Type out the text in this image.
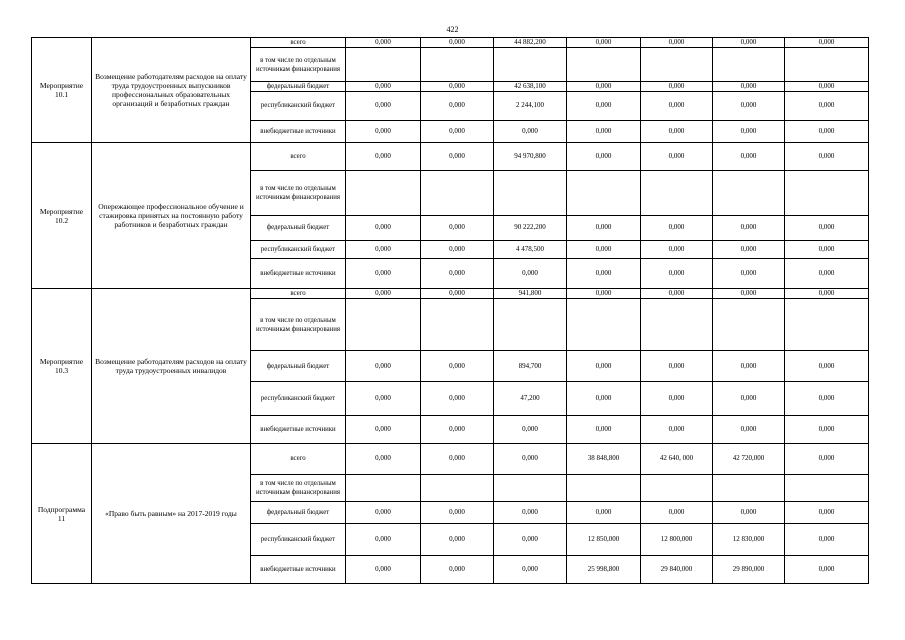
422
Мероприятие 10.1	Возмещение работодателям расходов на оплату труда трудоустроенных выпускников профессиональных образовательных организаций и безработных граждан	всего	0,000	0,000	44 882,200	0,000	0,000	0,000	0,000
		в том числе по отдельным источникам финансирования							
		федеральный бюджет	0,000	0,000	42 638,100	0,000	0,000	0,000	0,000
		республиканский бюджет	0,000	0,000	2 244,100	0,000	0,000	0,000	0,000
		внебюджетные источники	0,000	0,000	0,000	0,000	0,000	0,000	0,000
Мероприятие 10.2	Опережающее профессиональное обучение и стажировка принятых на постоянную работу работников и безработных граждан	всего	0,000	0,000	94 970,800	0,000	0,000	0,000	0,000
		в том числе по отдельным источникам финансирования							
		федеральный бюджет	0,000	0,000	90 222,200	0,000	0,000	0,000	0,000
		республиканский бюджет	0,000	0,000	4 478,500	0,000	0,000	0,000	0,000
		внебюджетные источники	0,000	0,000	0,000	0,000	0,000	0,000	0,000
Мероприятие 10.3	Возмещение работодателям расходов на оплату труда трудоустроенных инвалидов	всего	0,000	0,000	941,800	0,000	0,000	0,000	0,000
		в том числе по отдельным источникам финансирования							
		федеральный бюджет	0,000	0,000	894,700	0,000	0,000	0,000	0,000
		республиканский бюджет	0,000	0,000	47,200	0,000	0,000	0,000	0,000
		внебюджетные источники	0,000	0,000	0,000	0,000	0,000	0,000	0,000
Подпрограмма 11	«Право быть равным» на 2017-2019 годы	всего	0,000	0,000	0,000	38 848,800	42 640, 000	42 720,000	0,000
		в том числе по отдельным источникам финансирования							
		федеральный бюджет	0,000	0,000	0,000	0,000	0,000	0,000	0,000
		республиканский бюджет	0,000	0,000	0,000	12 850,000	12 800,000	12 830,000	0,000
		внебюджетные источники	0,000	0,000	0,000	25 998,800	29 840,000	29 890,000	0,000
